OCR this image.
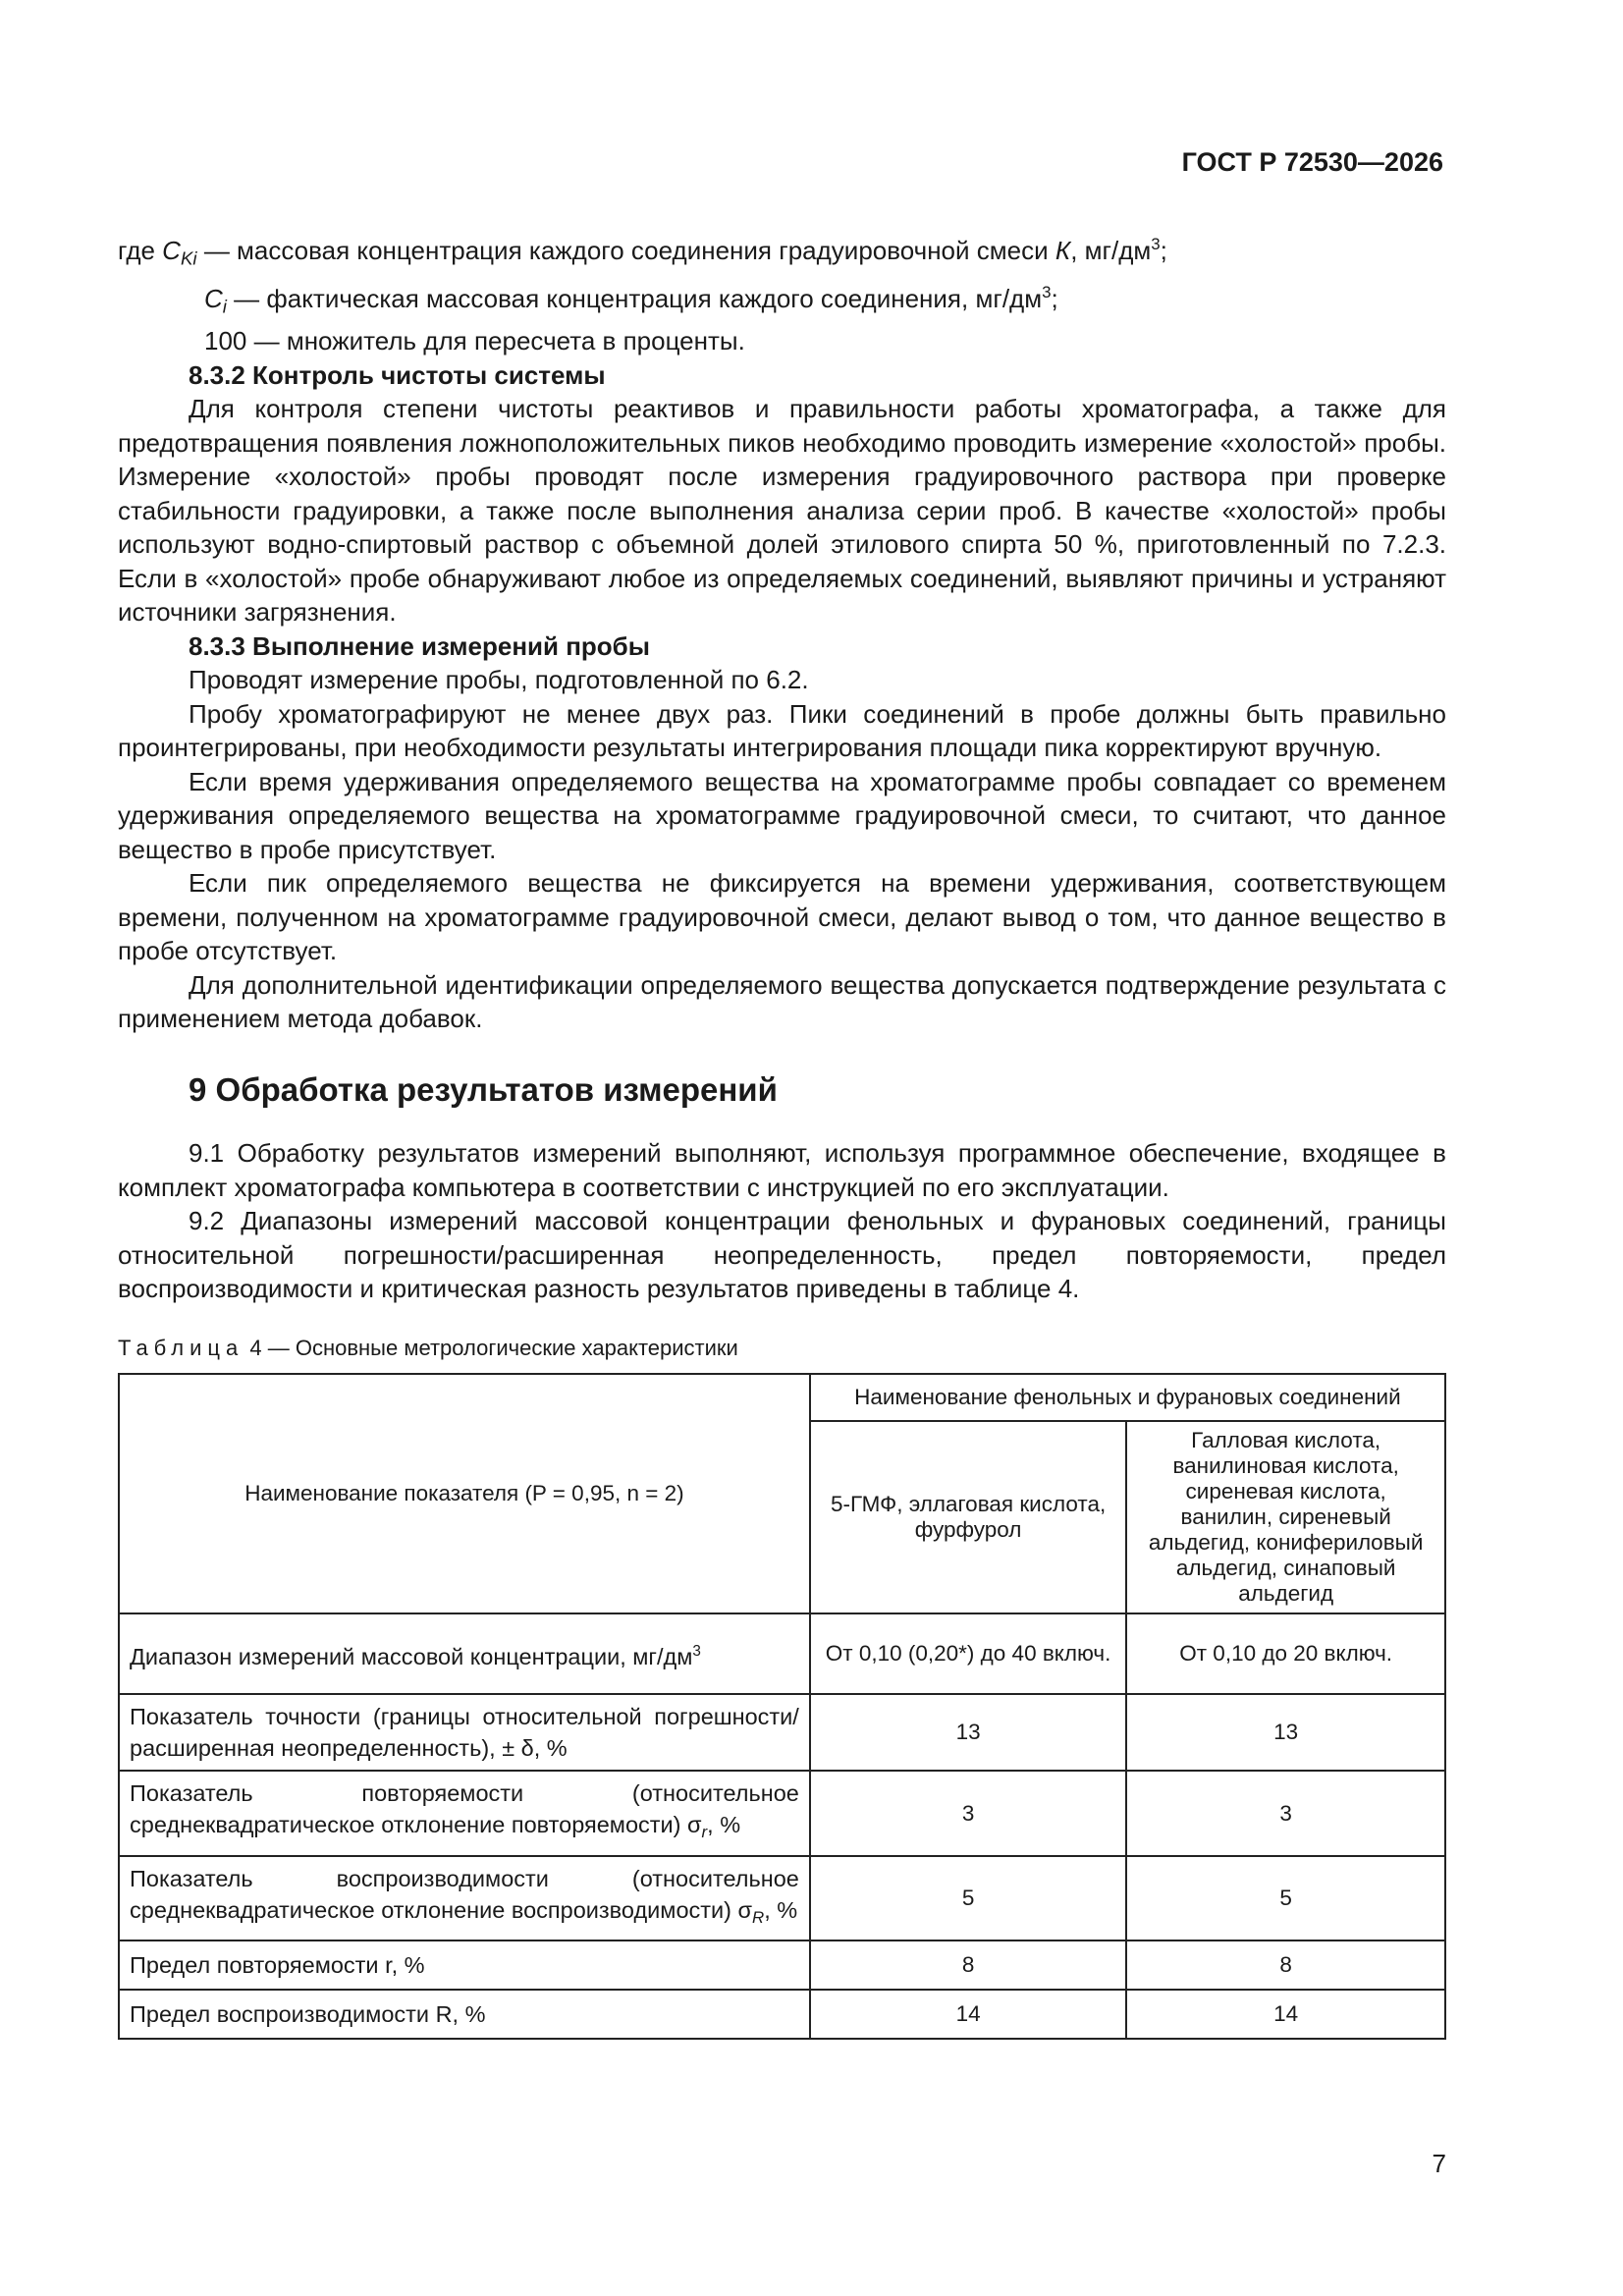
ГОСТ Р 72530—2026

где $C_{Ki}$ — массовая концентрация каждого соединения градуировочной смеси К, $мг/дм^3$;

$C_i$ — фактическая массовая концентрация каждого соединения, $мг/дм^3$;

100 — множитель для пересчета в проценты.

8.3.2 Контроль чистоты системы

Для контроля степени чистоты реактивов и правильности работы хроматографа, а также для предотвращения появления ложноположительных пиков необходимо проводить измерение «холостой» пробы. Измерение «холостой» пробы проводят после измерения градуировочного раствора при проверке стабильности градуировки, а также после выполнения анализа серии проб. В качестве «холостой» пробы используют водно-спиртовый раствор с объемной долей этилового спирта 50 %, приготовленный по 7.2.3. Если в «холостой» пробе обнаруживают любое из определяемых соединений, выявляют причины и устраняют источники загрязнения.

8.3.3 Выполнение измерений пробы

Проводят измерение пробы, подготовленной по 6.2.

Пробу хроматографируют не менее двух раз. Пики соединений в пробе должны быть правильно проинтегрированы, при необходимости результаты интегрирования площади пика корректируют вручную.

Если время удерживания определяемого вещества на хроматограмме пробы совпадает со временем удерживания определяемого вещества на хроматограмме градуировочной смеси, то считают, что данное вещество в пробе присутствует.

Если пик определяемого вещества не фиксируется на времени удерживания, соответствующем времени, полученном на хроматограмме градуировочной смеси, делают вывод о том, что данное вещество в пробе отсутствует.

Для дополнительной идентификации определяемого вещества допускается подтверждение результата с применением метода добавок.

9 Обработка результатов измерений

9.1 Обработку результатов измерений выполняют, используя программное обеспечение, входящее в комплект хроматографа компьютера в соответствии с инструкцией по его эксплуатации.

9.2 Диапазоны измерений массовой концентрации фенольных и фурановых соединений, границы относительной погрешности/расширенная неопределенность, предел повторяемости, предел воспроизводимости и критическая разность результатов приведены в таблице 4.

Таблица 4 — Основные метрологические характеристики
Наименование показателя (P = 0,95, n = 2)	Наименование фенольных и фурановых соединений	
	5-ГМФ, эллаговая кислота, фурфурол	Галловая кислота, ванилиновая кислота, сиреневая кислота, ванилин, сиреневый альдегид, кониферилoвый альдегид, синаповый альдегид
Диапазон измерений массовой концентрации, $мг/дм^3$	От 0,10 (0,20*) до 40 включ.	От 0,10 до 20 включ.
Показатель точности (границы относительной погрешности/расширенная неопределенность), ± δ, %	13	13
Показатель повторяемости (относительное среднеквадратическое отклонение повторяемости) $\sigma_r$, %	3	3
Показатель воспроизводимости (относительное среднеквадратическое отклонение воспроизводимости) $\sigma_R$, %	5	5
Предел повторяемости r, %	8	8
Предел воспроизводимости R, %	14	14
7
